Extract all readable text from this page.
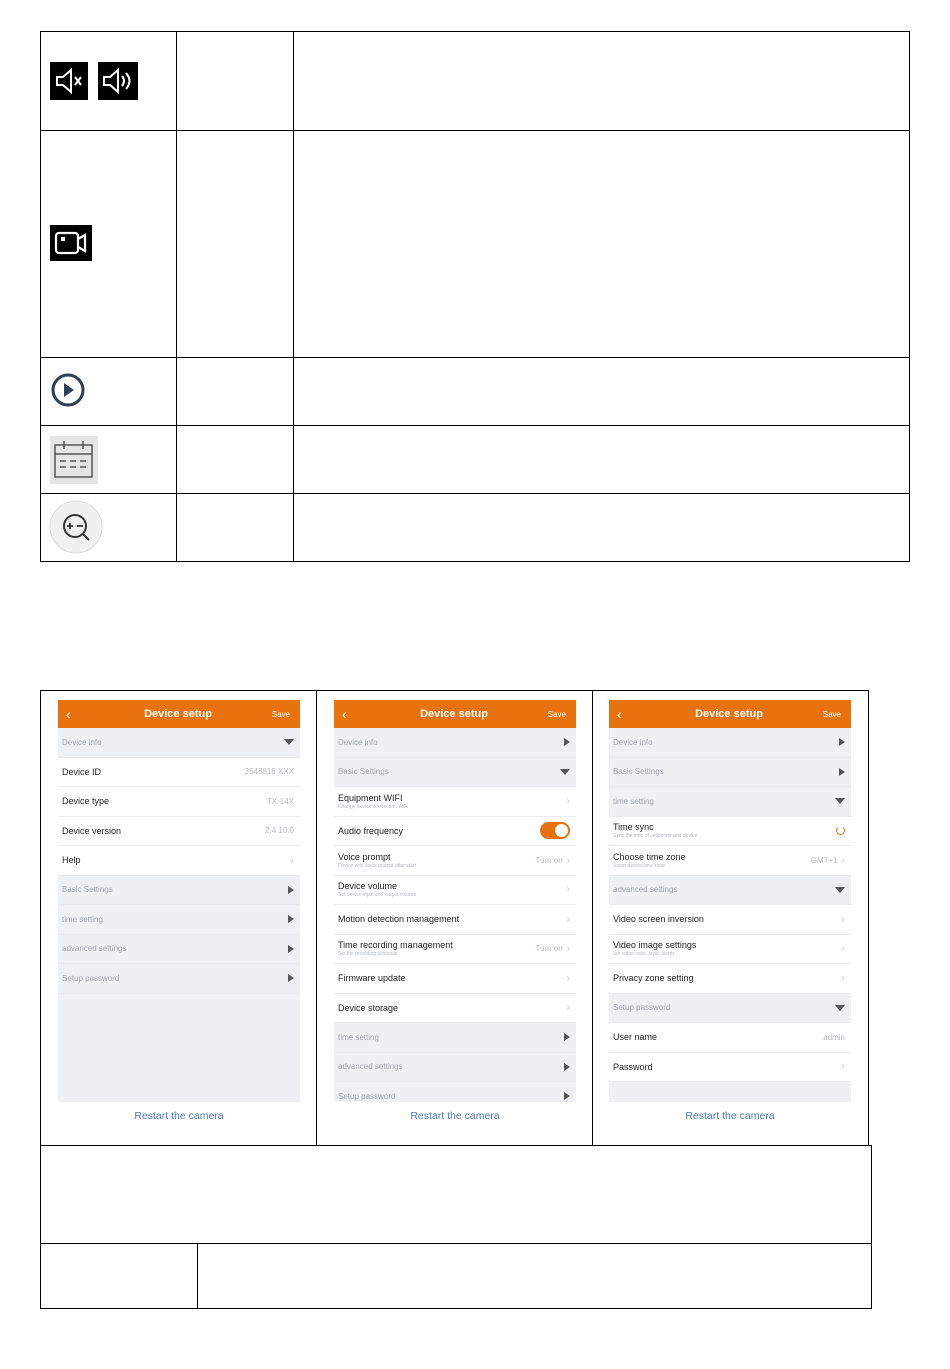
‹	Device setup	Save
Device info
Device ID	2548818 XXX
Device type	TX-14X
Device version	2.4.10.0
Help	›
Basic Settings
time setting
advanced settings
Setup password
Restart the camera
‹	Device setup	Save
Device info
Basic Settings
Equipment WIFI
Change device connection WiFi	›
Audio frequency
Voice prompt
Device with voice prompt after start
Turn on ›
Device volume
Set device input and output volume	›
Motion detection management	›
Time recording management
Set the recording schedule
Turn on ›
Firmware update	›
Device storage	›
time setting
advanced settings
Setup password
Restart the camera
‹	Device setup	Save
Device info
Basic Settings
time setting
Time sync
Sync the time of cellphone and device
Choose time zone
Setup device time zone
GMT+1 ›
advanced settings
Video screen inversion	›
Video image settings
Set video color, style, clarity	›
Privacy zone setting	›
Setup password
User name	admin
Password	›
Restart the camera
